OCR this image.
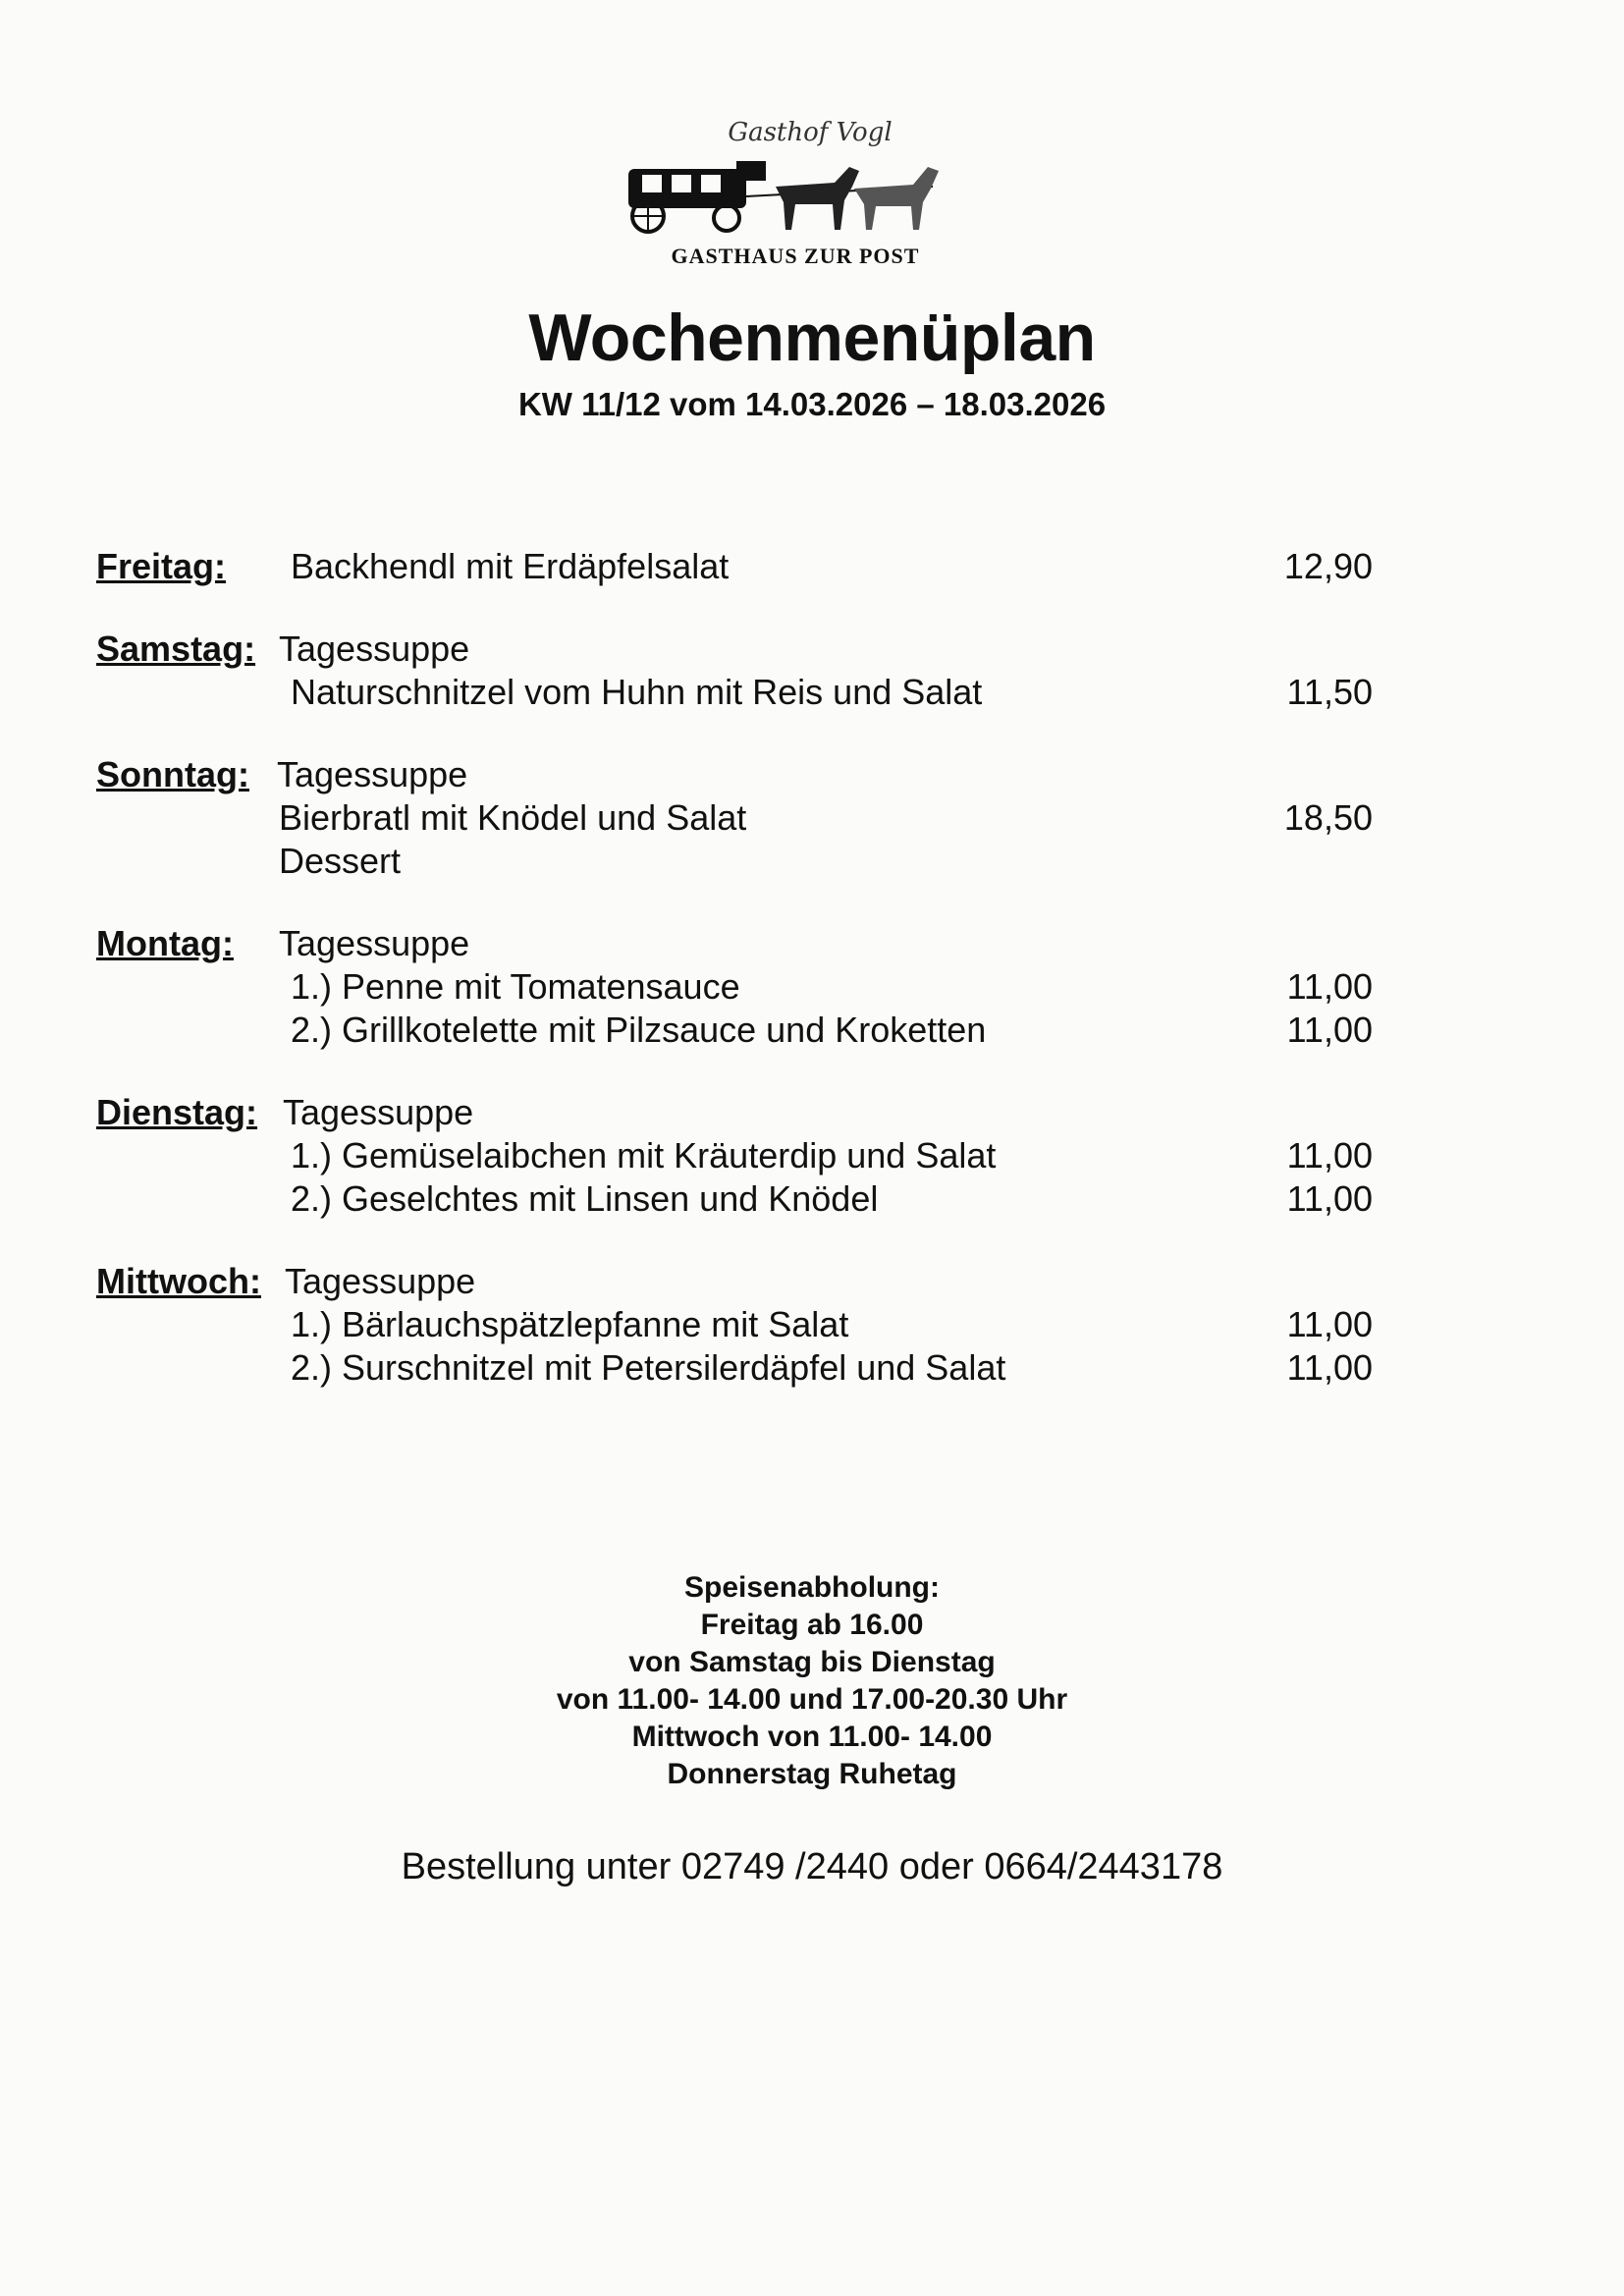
Gasthof Vogl
GASTHAUS ZUR POST
Wochenmenüplan
KW 11/12 vom 14.03.2026 – 18.03.2026
Freitag: Backhendl mit Erdäpfelsalat	12,90
Samstag: Tagessuppe
Naturschnitzel vom Huhn mit Reis und Salat	11,50
Sonntag: Tagessuppe
Bierbratl mit Knödel und Salat	18,50
Dessert
Montag: Tagessuppe
1.) Penne mit Tomatensauce	11,00
2.) Grillkotelette mit Pilzsauce und Kroketten	11,00
Dienstag: Tagessuppe
1.) Gemüselaibchen mit Kräuterdip und Salat	11,00
2.) Geselchtes mit Linsen und Knödel	11,00
Mittwoch: Tagessuppe
1.) Bärlauchspätzlepfanne mit Salat	11,00
2.) Surschnitzel mit Petersilerdäpfel und Salat	11,00
Speisenabholung:
Freitag ab 16.00
von Samstag bis Dienstag
von 11.00- 14.00 und 17.00-20.30 Uhr
Mittwoch von 11.00- 14.00
Donnerstag Ruhetag
Bestellung unter 02749 /2440 oder 0664/2443178
